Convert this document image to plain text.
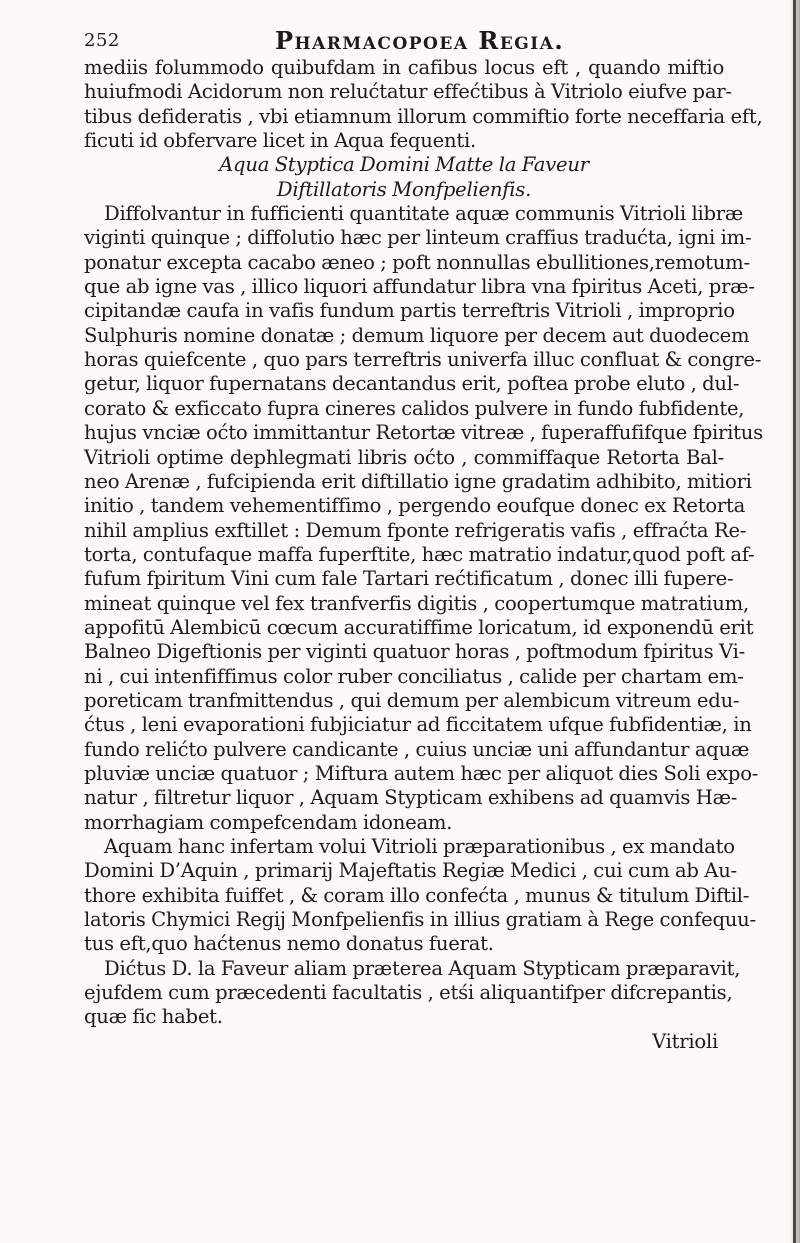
252	Pharmacopoea Regia.
mediis folummodo quibufdam in cafibus locus eft , quando miftio
huiufmodi Acidorum non relućtatur effećtibus à Vitriolo eiufve par-
tibus defideratis , vbi etiamnum illorum commiftio forte neceffaria eft,
ficuti id obfervare licet in Aqua fequenti.
Aqua Styptica Domini Matte la Faveur
Diftillatoris Monfpelienfis.
Diffolvantur in fufficienti quantitate aquæ communis Vitrioli libræ
viginti quinque ; diffolutio hæc per linteum craffius tradućta, igni im-
ponatur excepta cacabo æneo ; poft nonnullas ebullitiones,remotum-
que ab igne vas , illico liquori affundatur libra vna fpiritus Aceti, præ-
cipitandæ caufa in vafis fundum partis terreftris Vitrioli , improprio
Sulphuris nomine donatæ ; demum liquore per decem aut duodecem
horas quiefcente , quo pars terreftris univerfa illuc confluat & congre-
getur, liquor fupernatans decantandus erit, poftea probe eluto , dul-
corato & exficcato fupra cineres calidos pulvere in fundo fubfidente,
hujus vnciæ oćto immittantur Retortæ vitreæ , fuperaffufifque fpiritus
Vitrioli optime dephlegmati libris oćto , commiffaque Retorta Bal-
neo Arenæ , fufcipienda erit diftillatio igne gradatim adhibito, mitiori
initio , tandem vehementiffimo , pergendo eoufque donec ex Retorta
nihil amplius exftillet : Demum fponte refrigeratis vafis , effraćta Re-
torta, contufaque maffa fuperftite, hæc matratio indatur,quod poft af-
fufum fpiritum Vini cum fale Tartari rećtificatum , donec illi fupere-
mineat quinque vel fex tranfverfis digitis , coopertumque matratium,
appofitū Alembicū cœcum accuratiffime loricatum, id exponendū erit
Balneo Digeftionis per viginti quatuor horas , poftmodum fpiritus Vi-
ni , cui intenfiffimus color ruber conciliatus , calide per chartam em-
poreticam tranfmittendus , qui demum per alembicum vitreum edu-
ćtus , leni evaporationi fubjiciatur ad ficcitatem ufque fubfidentiæ, in
fundo relićto pulvere candicante , cuius unciæ uni affundantur aquæ
pluviæ unciæ quatuor ; Miftura autem hæc per aliquot dies Soli expo-
natur , filtretur liquor , Aquam Stypticam exhibens ad quamvis Hæ-
morrhagiam compefcendam idoneam.
Aquam hanc infertam volui Vitrioli præparationibus , ex mandato
Domini D’Aquin , primarij Majeftatis Regiæ Medici , cui cum ab Au-
thore exhibita fuiffet , & coram illo confećta , munus & titulum Diftil-
latoris Chymici Regij Monfpelienfis in illius gratiam à Rege confequu-
tus eft,quo haćtenus nemo donatus fuerat.
Dićtus D. la Faveur aliam præterea Aquam Stypticam præparavit,
ejufdem cum præcedenti facultatis , etśi aliquantifper difcrepantis,
quæ fic habet.
Vitrioli
